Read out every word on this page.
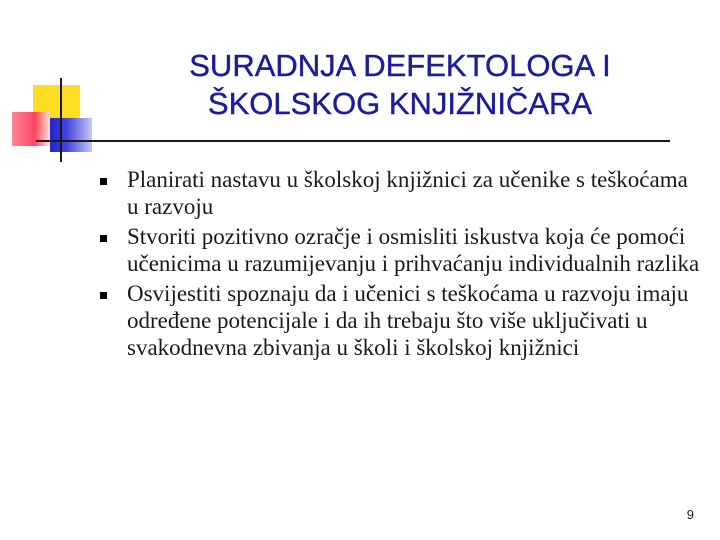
SURADNJA DEFEKTOLOGA I
ŠKOLSKOG KNJIŽNIČARA
Planirati nastavu u školskoj knjižnici za učenike s teškoćama u razvoju
Stvoriti pozitivno ozračje i osmisliti iskustva koja će pomoći učenicima u razumijevanju i prihvaćanju individualnih razlika
Osvijestiti spoznaju da i učenici s teškoćama u razvoju imaju određene potencijale i da ih trebaju što više uključivati u svakodnevna zbivanja u školi i školskoj knjižnici
9
